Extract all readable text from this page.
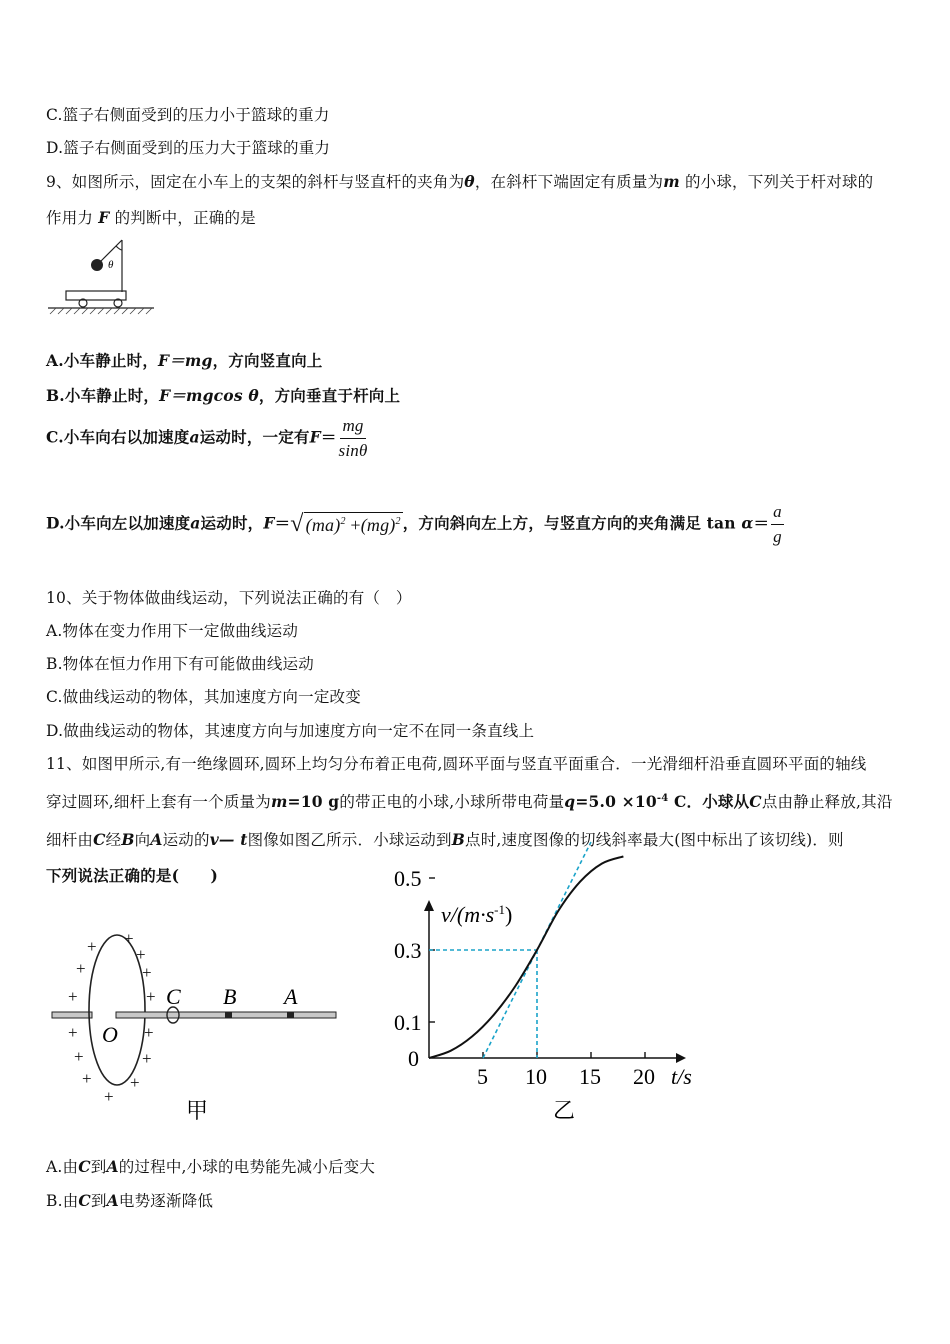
C.篮子右侧面受到的压力小于篮球的重力
D.篮子右侧面受到的压力大于篮球的重力
9、如图所示，固定在小车上的支架的斜杆与竖直杆的夹角为θ，在斜杆下端固定有质量为m 的小球，下列关于杆对球的
作用力 F 的判断中，正确的是
θ
A.小车静止时，F＝mg，方向竖直向上
B.小车静止时，F＝mgcos θ，方向垂直于杆向上
C.小车向右以加速度a运动时，一定有$F= \frac{mg}{\sin\theta}$
D.小车向左以加速度a运动时，F＝√ (ma)$^2$ +(mg)$^2$ ，方向斜向左上方，与竖直方向的夹角满足 $\tan \alpha= \frac{a}{g}$
10、关于物体做曲线运动，下列说法正确的有（　）
A.物体在变力作用下一定做曲线运动
B.物体在恒力作用下有可能做曲线运动
C.做曲线运动的物体，其加速度方向一定改变
D.做曲线运动的物体，其速度方向与加速度方向一定不在同一条直线上
11、如图甲所示,有一绝缘圆环,圆环上均匀分布着正电荷,圆环平面与竖直平面重合．一光滑细杆沿垂直圆环平面的轴线
穿过圆环,细杆上套有一个质量为m=10 g的带正电的小球,小球所带电荷量$q=5.0 \times 10^{-4}$ C．小球从C点由静止释放,其沿
细杆由C经B向A运动的v— t图像如图乙所示．小球运动到B点时,速度图像的切线斜率最大(图中标出了该切线)．则
下列说法正确的是(　　)
+
+ +
+	+
+	+
+	+
+	+
+ +
+
C B A
O
甲
$v/(m\cdot s^{-1})$
t/s
0
5 10 15 20
0.1
0.3
0.5
乙
A.由C到A的过程中,小球的电势能先减小后变大
B.由C到A电势逐渐降低
